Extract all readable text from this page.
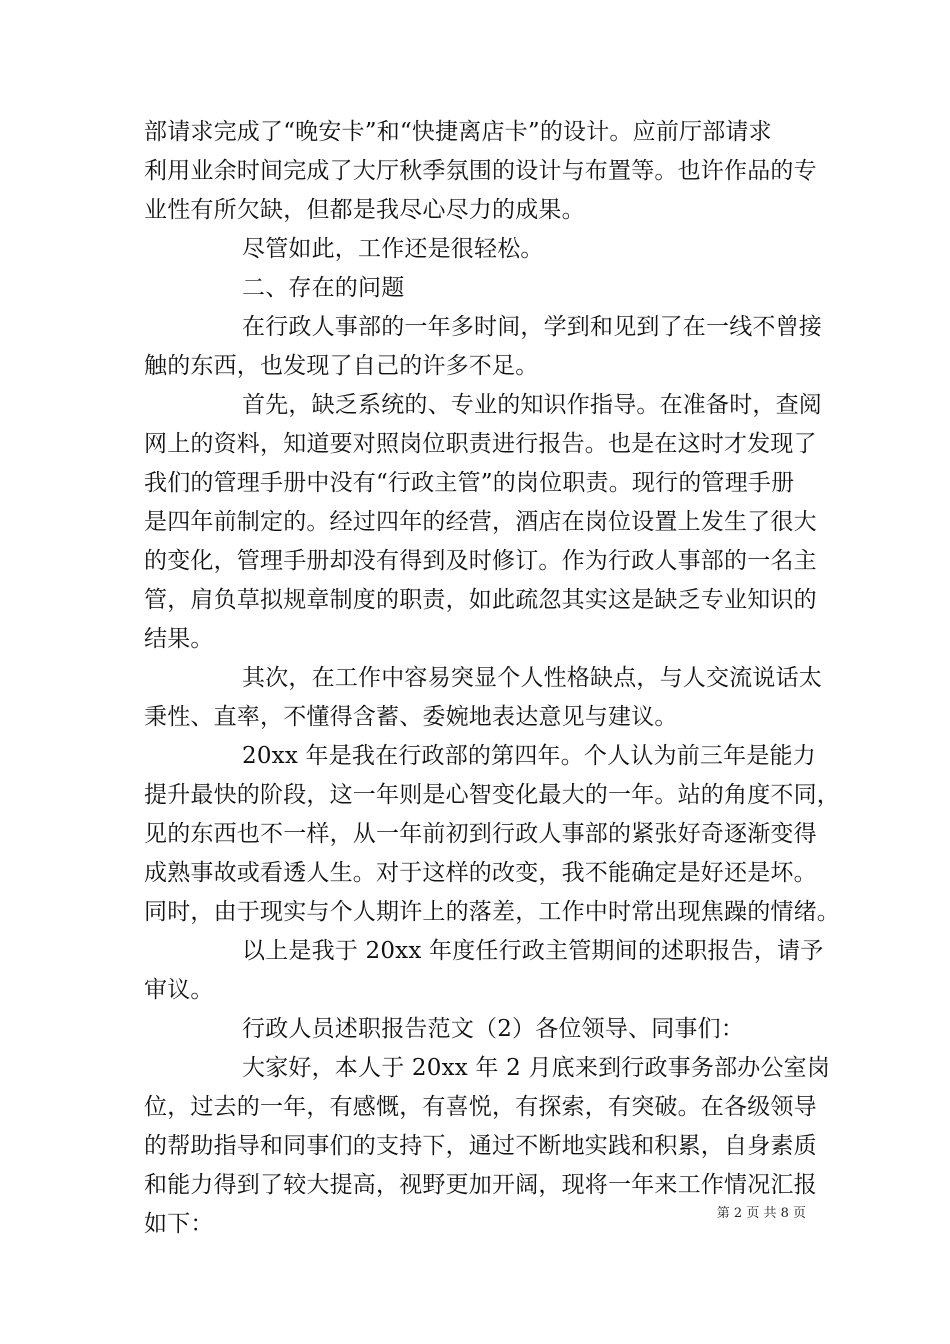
部请求完成了“晚安卡”和“快捷离店卡”的设计。应前厅部请求
利用业余时间完成了大厅秋季氛围的设计与布置等。也许作品的专
业性有所欠缺，但都是我尽心尽力的成果。
尽管如此，工作还是很轻松。
二、存在的问题
在行政人事部的一年多时间，学到和见到了在一线不曾接
触的东西，也发现了自己的许多不足。
首先，缺乏系统的、专业的知识作指导。在准备时，查阅
网上的资料，知道要对照岗位职责进行报告。也是在这时才发现了
我们的管理手册中没有“行政主管”的岗位职责。现行的管理手册
是四年前制定的。经过四年的经营，酒店在岗位设置上发生了很大
的变化，管理手册却没有得到及时修订。作为行政人事部的一名主
管，肩负草拟规章制度的职责，如此疏忽其实这是缺乏专业知识的
结果。
其次，在工作中容易突显个人性格缺点，与人交流说话太
秉性、直率，不懂得含蓄、委婉地表达意见与建议。
20xx 年是我在行政部的第四年。个人认为前三年是能力
提升最快的阶段，这一年则是心智变化最大的一年。站的角度不同，
见的东西也不一样，从一年前初到行政人事部的紧张好奇逐渐变得
成熟事故或看透人生。对于这样的改变，我不能确定是好还是坏。
同时，由于现实与个人期许上的落差，工作中时常出现焦躁的情绪。
以上是我于 20xx 年度任行政主管期间的述职报告，请予
审议。
行政人员述职报告范文（2）各位领导、同事们：
大家好，本人于 20xx 年 2 月底来到行政事务部办公室岗
位，过去的一年，有感慨，有喜悦，有探索，有突破。在各级领导
的帮助指导和同事们的支持下，通过不断地实践和积累，自身素质
和能力得到了较大提高，视野更加开阔，现将一年来工作情况汇报
如下：	第 2 页 共 8 页
